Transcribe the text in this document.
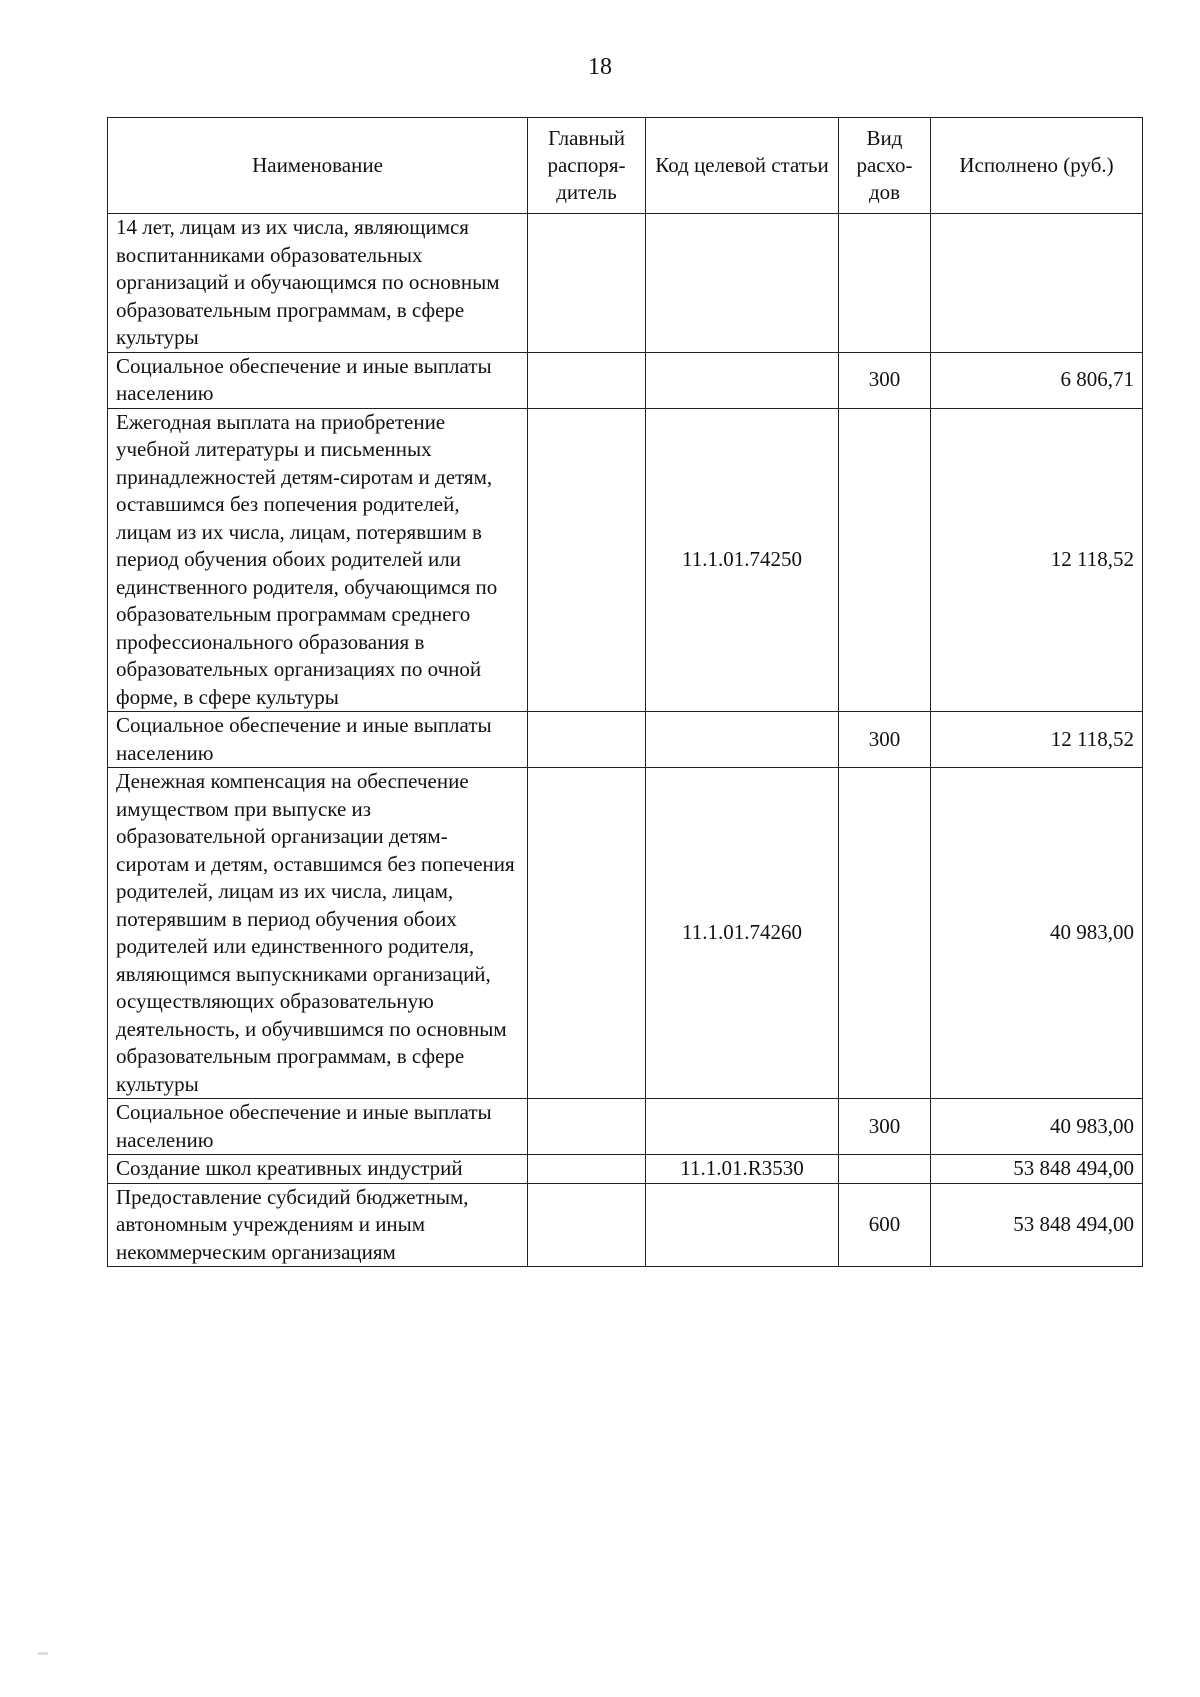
18
Наименование	Главный распоря-дитель	Код целевой статьи	Вид расхо-дов	Исполнено (руб.)
14 лет, лицам из их числа, являющимся воспитанниками образовательных организаций и обучающимся по основным образовательным программам, в сфере культуры				
Социальное обеспечение и иные выплаты населению			300	6 806,71
Ежегодная выплата на приобретение учебной литературы и письменных принадлежностей детям-сиротам и детям, оставшимся без попечения родителей, лицам из их числа, лицам, потерявшим в период обучения обоих родителей или единственного родителя, обучающимся по образовательным программам среднего профессионального образования в образовательных организациях по очной форме, в сфере культуры		11.1.01.74250		12 118,52
Социальное обеспечение и иные выплаты населению			300	12 118,52
Денежная компенсация на обеспечение имуществом при выпуске из образовательной организации детям-сиротам и детям, оставшимся без попечения родителей, лицам из их числа, лицам, потерявшим в период обучения обоих родителей или единственного родителя, являющимся выпускниками организаций, осуществляющих образовательную деятельность, и обучившимся по основным образовательным программам, в сфере культуры		11.1.01.74260		40 983,00
Социальное обеспечение и иные выплаты населению			300	40 983,00
Создание школ креативных индустрий		11.1.01.R3530		53 848 494,00
Предоставление субсидий бюджетным, автономным учреждениям и иным некоммерческим организациям			600	53 848 494,00
